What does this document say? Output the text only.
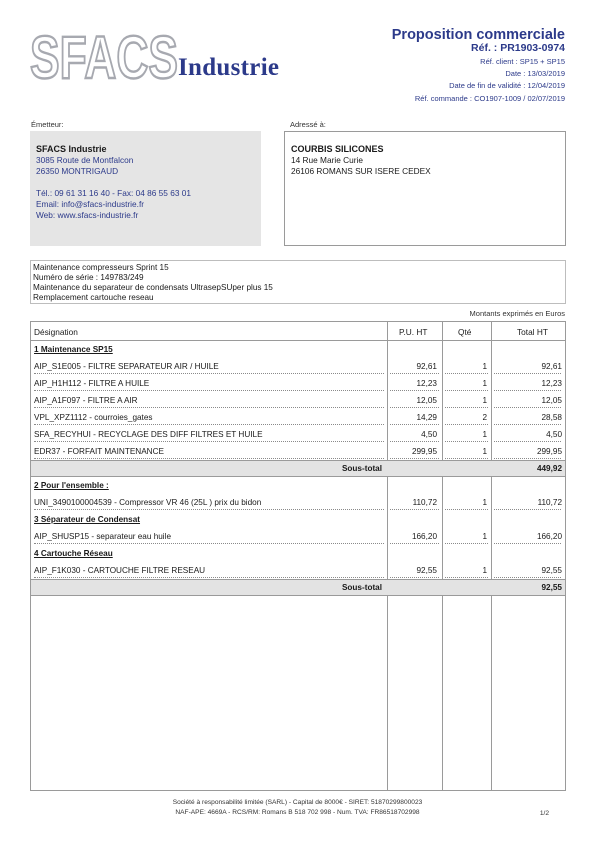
SFACS Industrie
Proposition commerciale
Réf. : PR1903-0974
Réf. client : SP15 + SP15
Date : 13/03/2019
Date de fin de validité : 12/04/2019
Réf. commande : CO1907-1009 / 02/07/2019
Émetteur:	Adressé à:
SFACS Industrie
3085 Route de Montfalcon
26350 MONTRIGAUD
Tél.: 09 61 31 16 40 - Fax: 04 86 55 63 01
Email: info@sfacs-industrie.fr
Web: www.sfacs-industrie.fr
COURBIS SILICONES
14 Rue Marie Curie
26106 ROMANS SUR ISERE CEDEX
Maintenance compresseurs Sprint 15
Numéro de série : 149783/249
Maintenance du separateur de condensats UltrasepSUper plus 15
Remplacement cartouche reseau
Montants exprimés en Euros
Désignation	P.U. HT	Qté	Total HT
1 Maintenance SP15
AIP_S1E005 - FILTRE SEPARATEUR AIR / HUILE	92,61	1	92,61
AIP_H1H112 - FILTRE A HUILE	12,23	1	12,23
AIP_A1F097 - FILTRE A AIR	12,05	1	12,05
VPL_XPZ1112 - courroies_gates	14,29	2	28,58
SFA_RECYHUI - RECYCLAGE DES DIFF FILTRES ET HUILE	4,50	1	4,50
EDR37 - FORFAIT MAINTENANCE	299,95	1	299,95
Sous-total	449,92
2 Pour l'ensemble :
UNI_3490100004539 - Compressor VR 46 (25L ) prix du bidon	110,72	1	110,72
3 Séparateur de Condensat
AIP_SHUSP15 - separateur eau huile	166,20	1	166,20
4 Cartouche Réseau
AIP_F1K030 - CARTOUCHE FILTRE RESEAU	92,55	1	92,55
Sous-total	92,55
Société à responsabilité limitée (SARL) - Capital de 8000€ - SIRET: 51870299800023
NAF-APE: 4669A - RCS/RM: Romans B 518 702 998 - Num. TVA: FR86518702998	1/2
